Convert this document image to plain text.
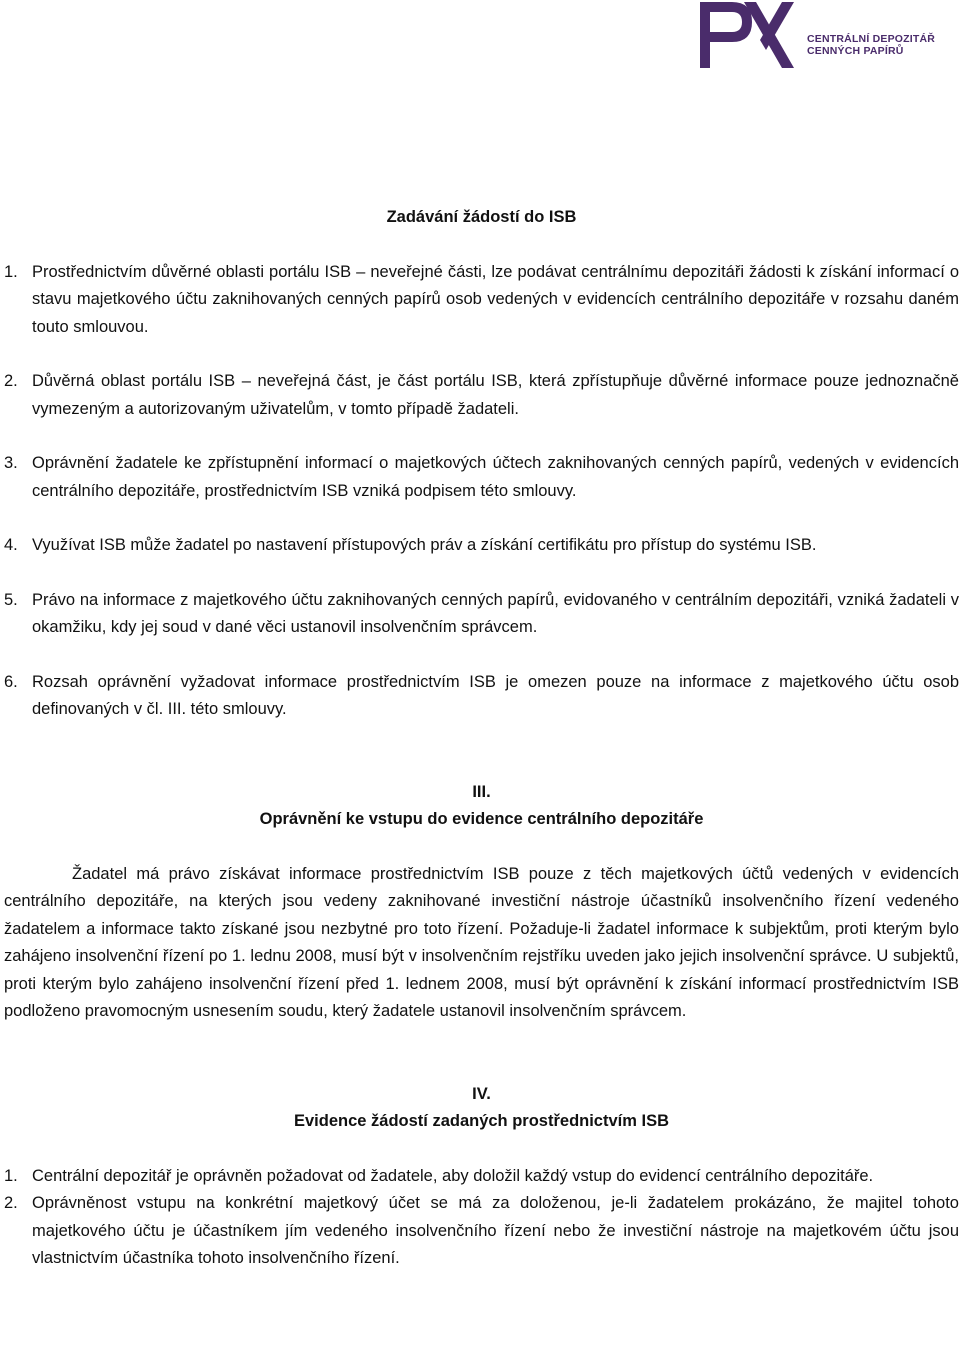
CENTRÁLNÍ DEPOZITÁŘ
CENNÝCH PAPÍRŮ
Zadávání žádostí do ISB
1. Prostřednictvím důvěrné oblasti portálu ISB – neveřejné části, lze podávat centrálnímu depozitáři žádosti k získání informací o stavu majetkového účtu zaknihovaných cenných papírů osob vedených v evidencích centrálního depozitáře v rozsahu daném touto smlouvou.
2. Důvěrná oblast portálu ISB – neveřejná část, je část portálu ISB, která zpřístupňuje důvěrné informace pouze jednoznačně vymezeným a autorizovaným uživatelům, v tomto případě žadateli.
3. Oprávnění žadatele ke zpřístupnění informací o majetkových účtech zaknihovaných cenných papírů, vedených v evidencích centrálního depozitáře, prostřednictvím ISB vzniká podpisem této smlouvy.
4. Využívat ISB může žadatel po nastavení přístupových práv a získání certifikátu pro přístup do systému ISB.
5. Právo na informace z majetkového účtu zaknihovaných cenných papírů, evidovaného v centrálním depozitáři, vzniká žadateli v okamžiku, kdy jej soud v dané věci ustanovil insolvenčním správcem.
6. Rozsah oprávnění vyžadovat informace prostřednictvím ISB je omezen pouze na informace z majetkového účtu osob definovaných v čl. III. této smlouvy.
III.
Oprávnění ke vstupu do evidence centrálního depozitáře
Žadatel má právo získávat informace prostřednictvím ISB pouze z těch majetkových účtů vedených v evidencích centrálního depozitáře, na kterých jsou vedeny zaknihované investiční nástroje účastníků insolvenčního řízení vedeného žadatelem a informace takto získané jsou nezbytné pro toto řízení. Požaduje-li žadatel informace k subjektům, proti kterým bylo zahájeno insolvenční řízení po 1. lednu 2008, musí být v insolvenčním rejstříku uveden jako jejich insolvenční správce. U subjektů, proti kterým bylo zahájeno insolvenční řízení před 1. lednem 2008, musí být oprávnění k získání informací prostřednictvím ISB podloženo pravomocným usnesením soudu, který žadatele ustanovil insolvenčním správcem.
IV.
Evidence žádostí zadaných prostřednictvím ISB
1. Centrální depozitář je oprávněn požadovat od žadatele, aby doložil každý vstup do evidencí centrálního depozitáře.
2. Oprávněnost vstupu na konkrétní majetkový účet se má za doloženou, je-li žadatelem prokázáno, že majitel tohoto majetkového účtu je účastníkem jím vedeného insolvenčního řízení nebo že investiční nástroje na majetkovém účtu jsou vlastnictvím účastníka tohoto insolvenčního řízení.
